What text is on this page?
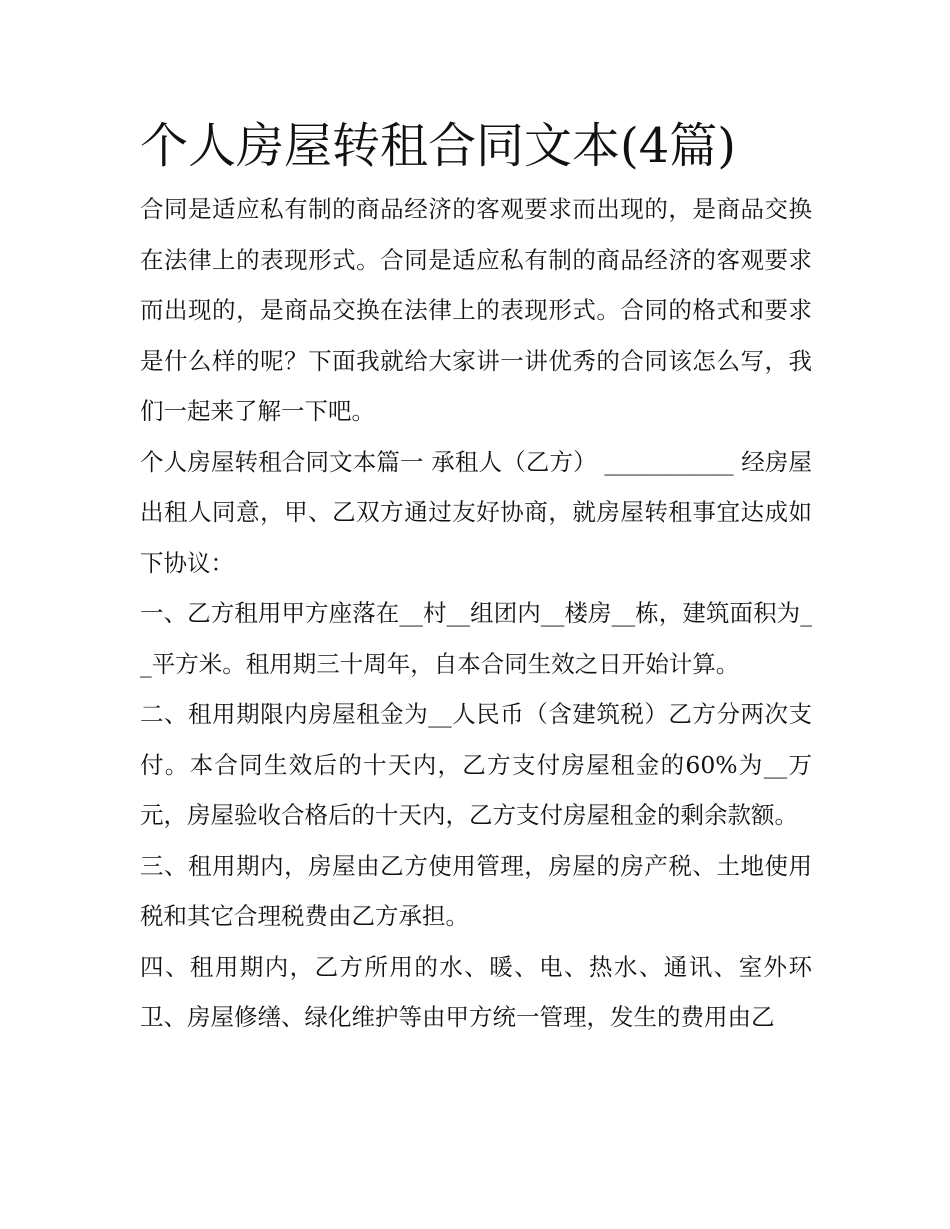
个人房屋转租合同文本(4篇)

合同是适应私有制的商品经济的客观要求而出现的，是商品交换在法律上的表现形式。合同是适应私有制的商品经济的客观要求而出现的，是商品交换在法律上的表现形式。合同的格式和要求是什么样的呢？下面我就给大家讲一讲优秀的合同该怎么写，我们一起来了解一下吧。

个人房屋转租合同文本篇一 承租人（乙方） ___________ 经房屋出租人同意，甲、乙双方通过友好协商，就房屋转租事宜达成如下协议：

一、乙方租用甲方座落在__村__组团内__楼房__栋，建筑面积为__平方米。租用期三十周年，自本合同生效之日开始计算。

二、租用期限内房屋租金为__人民币（含建筑税）乙方分两次支付。本合同生效后的十天内，乙方支付房屋租金的60%为__万元，房屋验收合格后的十天内，乙方支付房屋租金的剩余款额。

三、租用期内，房屋由乙方使用管理，房屋的房产税、土地使用税和其它合理税费由乙方承担。

四、租用期内，乙方所用的水、暖、电、热水、通讯、室外环卫、房屋修缮、绿化维护等由甲方统一管理，发生的费用由乙
